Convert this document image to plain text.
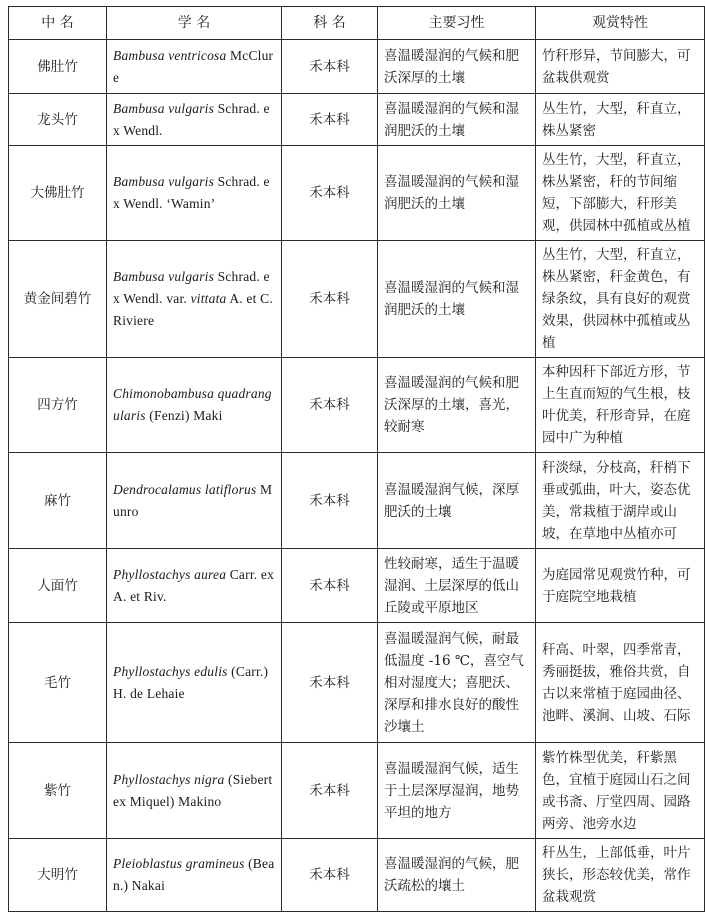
中 名	学 名	科 名	主要习性	观赏特性
佛肚竹	Bambusa ventricosa McClure	禾本科	喜温暖湿润的气候和肥沃深厚的土壤	竹秆形异，节间膨大，可盆栽供观赏
龙头竹	Bambusa vulgaris Schrad. ex Wendl.	禾本科	喜温暖湿润的气候和湿润肥沃的土壤	丛生竹，大型，秆直立，株丛紧密
大佛肚竹	Bambusa vulgaris Schrad. ex Wendl. ‘Wamin’	禾本科	喜温暖湿润的气候和湿润肥沃的土壤	丛生竹，大型，秆直立，株丛紧密，秆的节间缩短，下部膨大，秆形美观，供园林中孤植或丛植
黄金间碧竹	Bambusa vulgaris Schrad. ex Wendl. var. vittata A. et C. Riviere	禾本科	喜温暖湿润的气候和湿润肥沃的土壤	丛生竹，大型，秆直立，株丛紧密，秆金黄色，有绿条纹，具有良好的观赏效果，供园林中孤植或丛植
四方竹	Chimonobambusa quadrangularis (Fenzi) Maki	禾本科	喜温暖湿润的气候和肥沃深厚的土壤，喜光，较耐寒	本种因秆下部近方形，节上生直而短的气生根，枝叶优美，秆形奇异，在庭园中广为种植
麻竹	Dendrocalamus latiflorus Munro	禾本科	喜温暖湿润气候，深厚肥沃的土壤	秆淡绿，分枝高，秆梢下垂或弧曲，叶大，姿态优美，常栽植于湖岸或山坡，在草地中丛植亦可
人面竹	Phyllostachys aurea Carr. ex A. et Riv.	禾本科	性较耐寒，适生于温暖湿润、土层深厚的低山丘陵或平原地区	为庭园常见观赏竹种，可于庭院空地栽植
毛竹	Phyllostachys edulis (Carr.) H. de Lehaie	禾本科	喜温暖湿润气候，耐最低温度 -16 ℃，喜空气相对湿度大；喜肥沃、深厚和排水良好的酸性沙壤土	秆高、叶翠，四季常青，秀丽挺拔，雅俗共赏，自古以来常植于庭园曲径、池畔、溪涧、山坡、石际
紫竹	Phyllostachys nigra (Siebert ex Miquel) Makino	禾本科	喜温暖湿润气候，适生于土层深厚湿润，地势平坦的地方	紫竹株型优美，秆紫黑色，宜植于庭园山石之间或书斋、厅堂四周、园路两旁、池旁水边
大明竹	Pleioblastus gramineus (Bean.) Nakai	禾本科	喜温暖湿润的气候，肥沃疏松的壤土	秆丛生，上部低垂，叶片狭长，形态较优美，常作盆栽观赏
